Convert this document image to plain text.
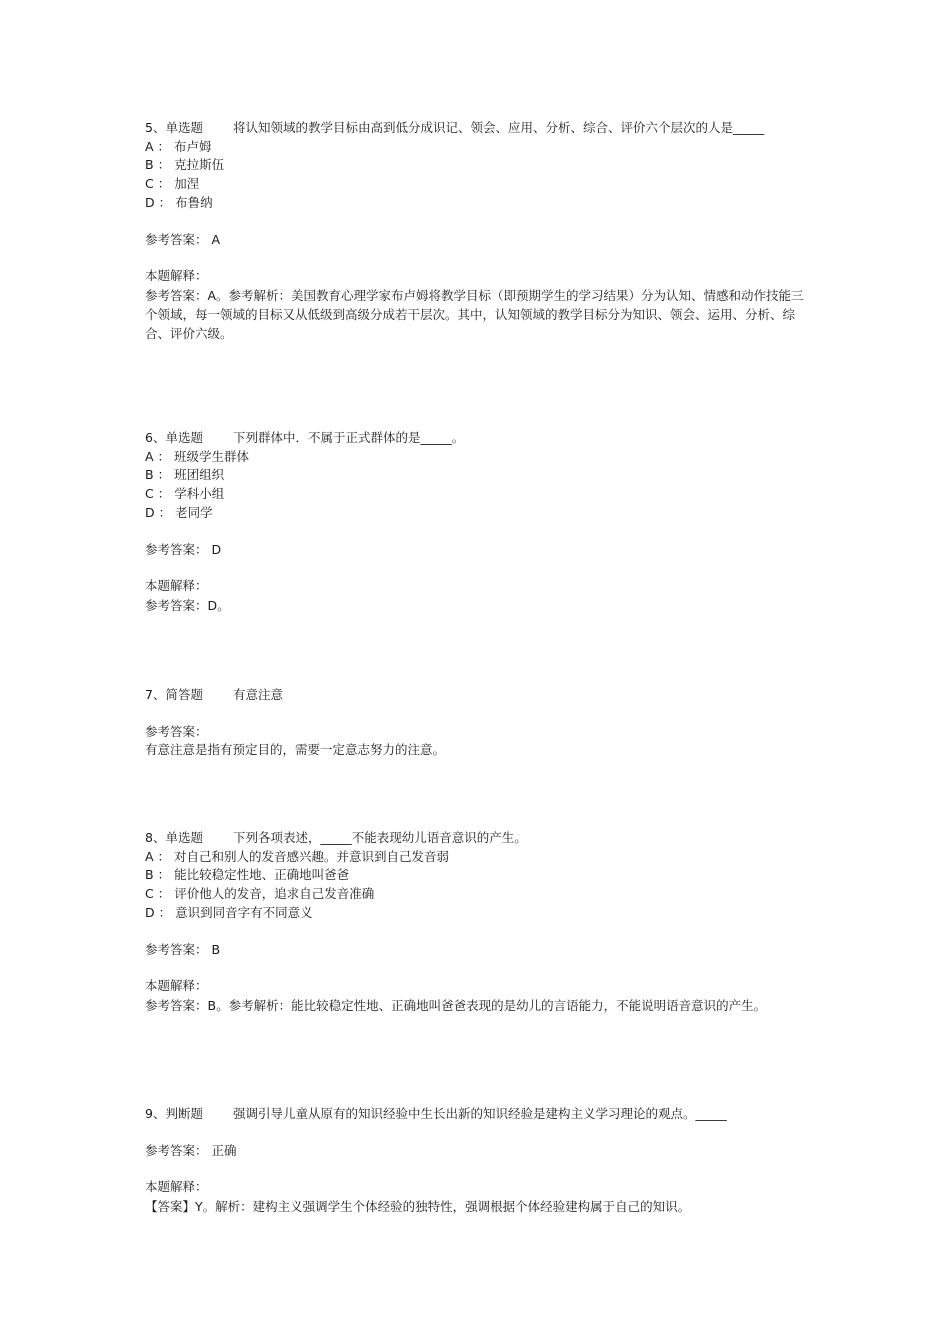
5、单选题 将认知领域的教学目标由高到低分成识记、领会、应用、分析、综合、评价六个层次的人是_____
A ： 布卢姆
B ： 克拉斯伍
C ： 加涅
D ： 布鲁纳
参考答案： A
本题解释：
参考答案：A。参考解析：美国教育心理学家布卢姆将教学目标（即预期学生的学习结果）分为认知、情感和动作技能三个领域，每一领域的目标又从低级到高级分成若干层次。其中，认知领域的教学目标分为知识、领会、运用、分析、综合、评价六级。
6、单选题 下列群体中．不属于正式群体的是_____。
A ： 班级学生群体
B ： 班团组织
C ： 学科小组
D ： 老同学
参考答案： D
本题解释：
参考答案：D。
7、简答题 有意注意
参考答案：
有意注意是指有预定目的，需要一定意志努力的注意。
8、单选题 下列各项表述，_____不能表现幼儿语音意识的产生。
A ： 对自己和别人的发音感兴趣。并意识到自己发音弱
B ： 能比较稳定性地、正确地叫爸爸
C ： 评价他人的发音，追求自己发音准确
D ： 意识到同音字有不同意义
参考答案： B
本题解释：
参考答案：B。参考解析：能比较稳定性地、正确地叫爸爸表现的是幼儿的言语能力，不能说明语音意识的产生。
9、判断题 强调引导儿童从原有的知识经验中生长出新的知识经验是建构主义学习理论的观点。_____
参考答案： 正确
本题解释：
【答案】Y。解析：建构主义强调学生个体经验的独特性，强调根据个体经验建构属于自己的知识。
